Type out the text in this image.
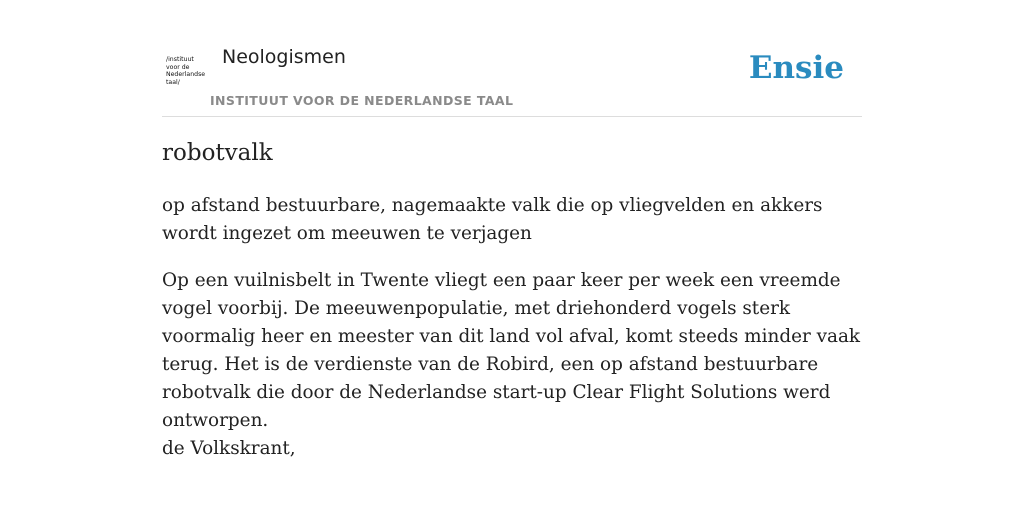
/instituut
voor de
Nederlandse
taal/
Neologismen
INSTITUUT VOOR DE NEDERLANDSE TAAL
Ensie
robotvalk
op afstand bestuurbare, nagemaakte valk die op vliegvelden en akkers wordt ingezet om meeuwen te verjagen
Op een vuilnisbelt in Twente vliegt een paar keer per week een vreemde vogel voorbij. De meeuwenpopulatie, met driehonderd vogels sterk voormalig heer en meester van dit land vol afval, komt steeds minder vaak terug. Het is de verdienste van de Robird, een op afstand bestuurbare robotvalk die door de Nederlandse start-up Clear Flight Solutions werd ontworpen.
de Volkskrant,
